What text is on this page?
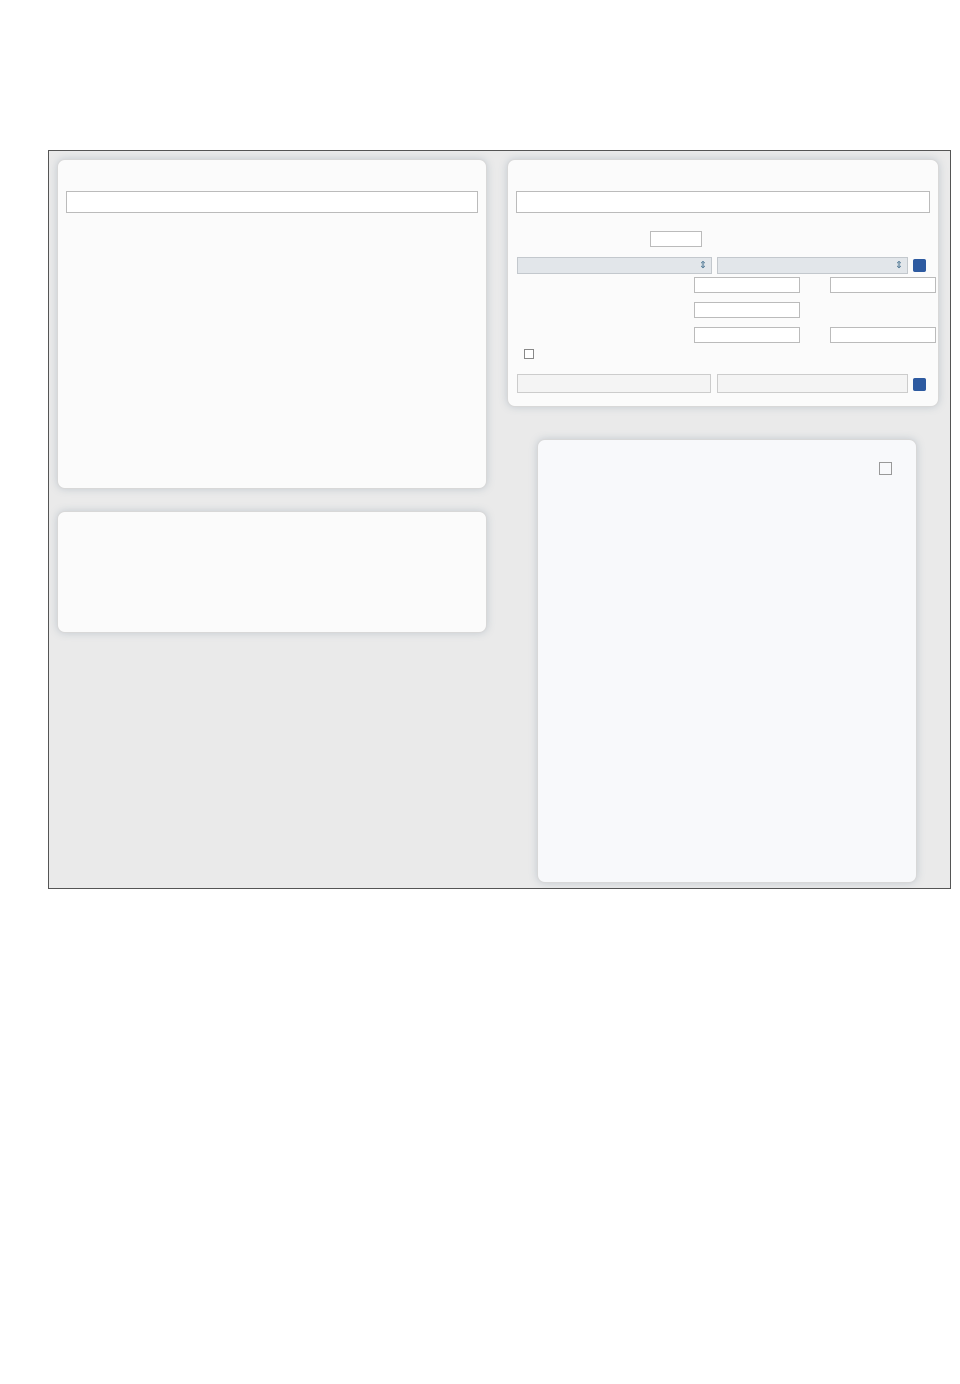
⇕	⇕
